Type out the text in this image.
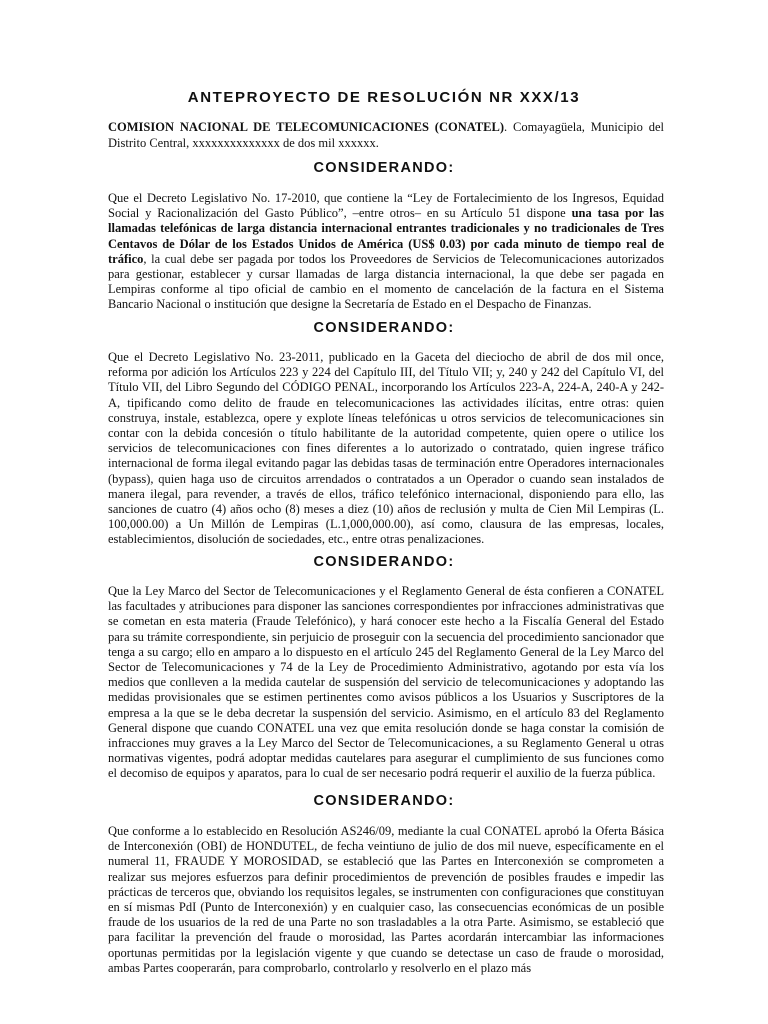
ANTEPROYECTO DE RESOLUCIÓN NR XXX/13
COMISION NACIONAL DE TELECOMUNICACIONES (CONATEL). Comayagüela, Municipio del Distrito Central, xxxxxxxxxxxxxx de dos mil xxxxxx.
CONSIDERANDO:
Que el Decreto Legislativo No. 17-2010, que contiene la “Ley de Fortalecimiento de los Ingresos, Equidad Social y Racionalización del Gasto Público”, –entre otros– en su Artículo 51 dispone una tasa por las llamadas telefónicas de larga distancia internacional entrantes tradicionales y no tradicionales de Tres Centavos de Dólar de los Estados Unidos de América (US$ 0.03) por cada minuto de tiempo real de tráfico, la cual debe ser pagada por todos los Proveedores de Servicios de Telecomunicaciones autorizados para gestionar, establecer y cursar llamadas de larga distancia internacional, la que debe ser pagada en Lempiras conforme al tipo oficial de cambio en el momento de cancelación de la factura en el Sistema Bancario Nacional o institución que designe la Secretaría de Estado en el Despacho de Finanzas.
CONSIDERANDO:
Que el Decreto Legislativo No. 23-2011, publicado en la Gaceta del dieciocho de abril de dos mil once, reforma por adición los Artículos 223 y 224 del Capítulo III, del Título VII; y, 240 y 242 del Capítulo VI, del Título VII, del Libro Segundo del CÓDIGO PENAL, incorporando los Artículos 223-A, 224-A, 240-A y 242-A, tipificando como delito de fraude en telecomunicaciones las actividades ilícitas, entre otras: quien construya, instale, establezca, opere y explote líneas telefónicas u otros servicios de telecomunicaciones sin contar con la debida concesión o título habilitante de la autoridad competente, quien opere o utilice los servicios de telecomunicaciones con fines diferentes a lo autorizado o contratado, quien ingrese tráfico internacional de forma ilegal evitando pagar las debidas tasas de terminación entre Operadores internacionales (bypass), quien haga uso de circuitos arrendados o contratados a un Operador o cuando sean instalados de manera ilegal, para revender, a través de ellos, tráfico telefónico internacional, disponiendo para ello, las sanciones de cuatro (4) años ocho (8) meses a diez (10) años de reclusión y multa de Cien Mil Lempiras (L. 100,000.00) a Un Millón de Lempiras (L.1,000,000.00), así como, clausura de las empresas, locales, establecimientos, disolución de sociedades, etc., entre otras penalizaciones.
CONSIDERANDO:
Que la Ley Marco del Sector de Telecomunicaciones y el Reglamento General de ésta confieren a CONATEL las facultades y atribuciones para disponer las sanciones correspondientes por infracciones administrativas que se cometan en esta materia (Fraude Telefónico), y hará conocer este hecho a la Fiscalía General del Estado para su trámite correspondiente, sin perjuicio de proseguir con la secuencia del procedimiento sancionador que tenga a su cargo; ello en amparo a lo dispuesto en el artículo 245 del Reglamento General de la Ley Marco del Sector de Telecomunicaciones y 74 de la Ley de Procedimiento Administrativo, agotando por esta vía los medios que conlleven a la medida cautelar de suspensión del servicio de telecomunicaciones y adoptando las medidas provisionales que se estimen pertinentes como avisos públicos a los Usuarios y Suscriptores de la empresa a la que se le deba decretar la suspensión del servicio. Asimismo, en el artículo 83 del Reglamento General dispone que cuando CONATEL una vez que emita resolución donde se haga constar la comisión de infracciones muy graves a la Ley Marco del Sector de Telecomunicaciones, a su Reglamento General u otras normativas vigentes, podrá adoptar medidas cautelares para asegurar el cumplimiento de sus funciones como el decomiso de equipos y aparatos, para lo cual de ser necesario podrá requerir el auxilio de la fuerza pública.
CONSIDERANDO:
Que conforme a lo establecido en Resolución AS246/09, mediante la cual CONATEL aprobó la Oferta Básica de Interconexión (OBI) de HONDUTEL, de fecha veintiuno de julio de dos mil nueve, específicamente en el numeral 11, FRAUDE Y MOROSIDAD, se estableció que las Partes en Interconexión se comprometen a realizar sus mejores esfuerzos para definir procedimientos de prevención de posibles fraudes e impedir las prácticas de terceros que, obviando los requisitos legales, se instrumenten con configuraciones que constituyan en sí mismas PdI (Punto de Interconexión) y en cualquier caso, las consecuencias económicas de un posible fraude de los usuarios de la red de una Parte no son trasladables a la otra Parte. Asimismo, se estableció que para facilitar la prevención del fraude o morosidad, las Partes acordarán intercambiar las informaciones oportunas permitidas por la legislación vigente y que cuando se detectase un caso de fraude o morosidad, ambas Partes cooperarán, para comprobarlo, controlarlo y resolverlo en el plazo más
